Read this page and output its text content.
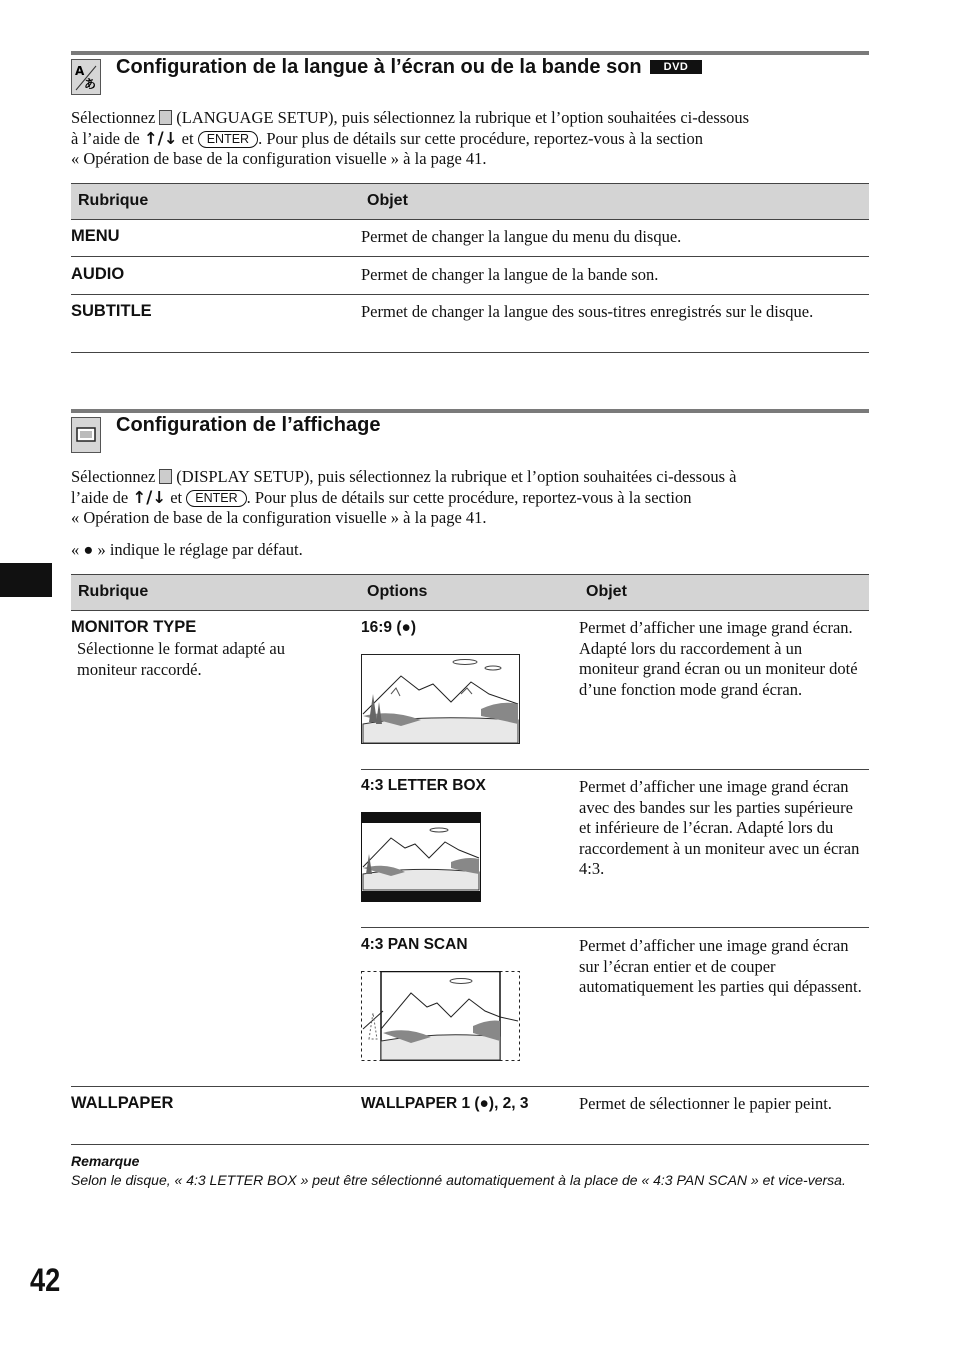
A
あ
Configuration de la langue à l’écran ou de la bande son DVD
Sélectionnez (LANGUAGE SETUP), puis sélectionnez la rubrique et l’option souhaitées ci-dessous
à l’aide de ↑/↓ et ENTER . Pour plus de détails sur cette procédure, reportez-vous à la section
« Opération de base de la configuration visuelle » à la page 41.
Rubrique	Objet
MENU	Permet de changer la langue du menu du disque.
AUDIO	Permet de changer la langue de la bande son.
SUBTITLE	Permet de changer la langue des sous-titres enregistrés sur le disque.
Configuration de l’affichage
Sélectionnez (DISPLAY SETUP), puis sélectionnez la rubrique et l’option souhaitées ci-dessous à
l’aide de ↑/↓ et ENTER . Pour plus de détails sur cette procédure, reportez-vous à la section
« Opération de base de la configuration visuelle » à la page 41.
« ● » indique le réglage par défaut.
Rubrique	Options	Objet
MONITOR TYPE
Sélectionne le format adapté au moniteur raccordé.
16:9 (●)	Permet d’afficher une image grand écran. Adapté lors du raccordement à un moniteur grand écran ou un moniteur doté d’une fonction mode grand écran.
4:3 LETTER BOX	Permet d’afficher une image grand écran avec des bandes sur les parties supérieure et inférieure de l’écran. Adapté lors du raccordement à un moniteur avec un écran 4:3.
4:3 PAN SCAN	Permet d’afficher une image grand écran sur l’écran entier et de couper automatiquement les parties qui dépassent.
WALLPAPER	WALLPAPER 1 (●), 2, 3	Permet de sélectionner le papier peint.
Remarque
Selon le disque, « 4:3 LETTER BOX » peut être sélectionné automatiquement à la place de « 4:3 PAN SCAN » et vice-versa.
42
